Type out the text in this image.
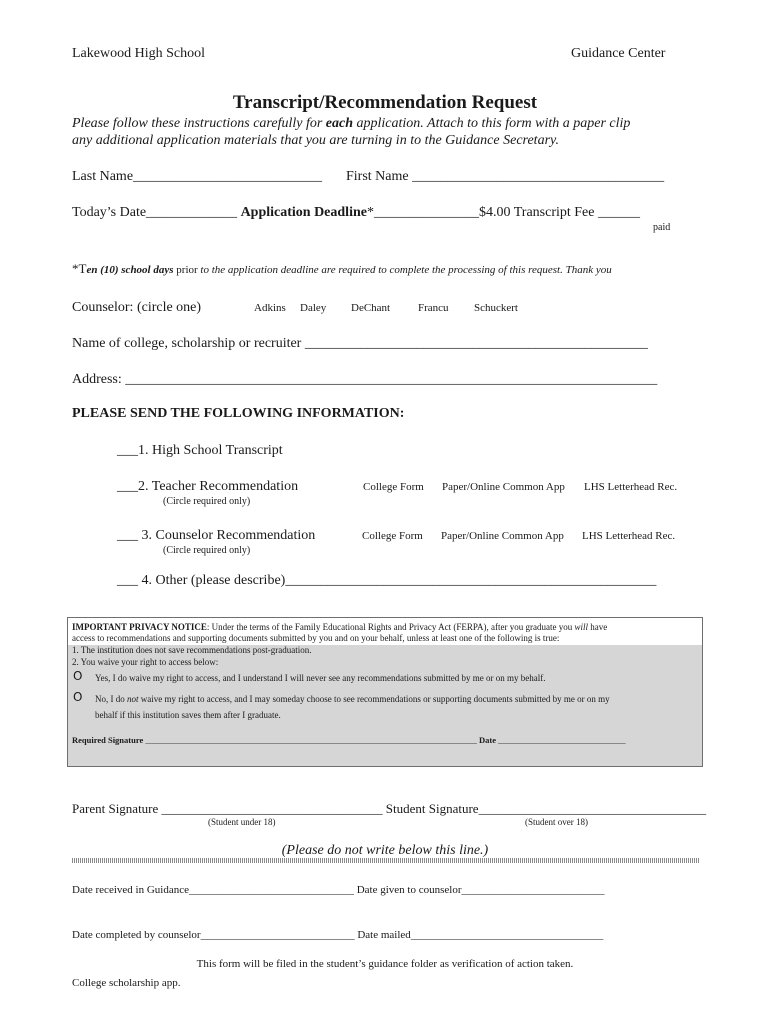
Lakewood High School	Guidance Center
Transcript/Recommendation Request
Please follow these instructions carefully for each application. Attach to this form with a paper clip
any additional application materials that you are turning in to the Guidance Secretary.
Last Name___________________________ First Name ____________________________________
Today’s Date_____________ Application Deadline*_______________$4.00 Transcript Fee ______
paid
*Ten (10) school days prior to the application deadline are required to complete the processing of this request. Thank you
Counselor: (circle one)	Adkins Daley DeChant	Francu Schuckert
Name of college, scholarship or recruiter _________________________________________________
Address: ____________________________________________________________________________
PLEASE SEND THE FOLLOWING INFORMATION:
___1. High School Transcript
___2. Teacher Recommendation
(Circle required only)
College Form Paper/Online Common App LHS Letterhead Rec.
___ 3. Counselor Recommendation
(Circle required only)
College Form Paper/Online Common App LHS Letterhead Rec.
___ 4. Other (please describe)_____________________________________________________
IMPORTANT PRIVACY NOTICE: Under the terms of the Family Educational Rights and Privacy Act (FERPA), after you graduate you will have
access to recommendations and supporting documents submitted by you and on your behalf, unless at least one of the following is true:
1. The institution does not save recommendations post-graduation.
2. You waive your right to access below:
O Yes, I do waive my right to access, and I understand I will never see any recommendations submitted by me or on my behalf.
O No, I do not waive my right to access, and I may someday choose to see recommendations or supporting documents submitted by me or on my
behalf if this institution saves them after I graduate.
Required Signature ______________________________________________________________________________ Date ______________________________
Parent Signature __________________________________ Student Signature___________________________________
(Student under 18)	(Student over 18)
(Please do not write below this line.)
Date received in Guidance______________________________ Date given to counselor__________________________
Date completed by counselor____________________________ Date mailed___________________________________
This form will be filed in the student’s guidance folder as verification of action taken.
College scholarship app.
